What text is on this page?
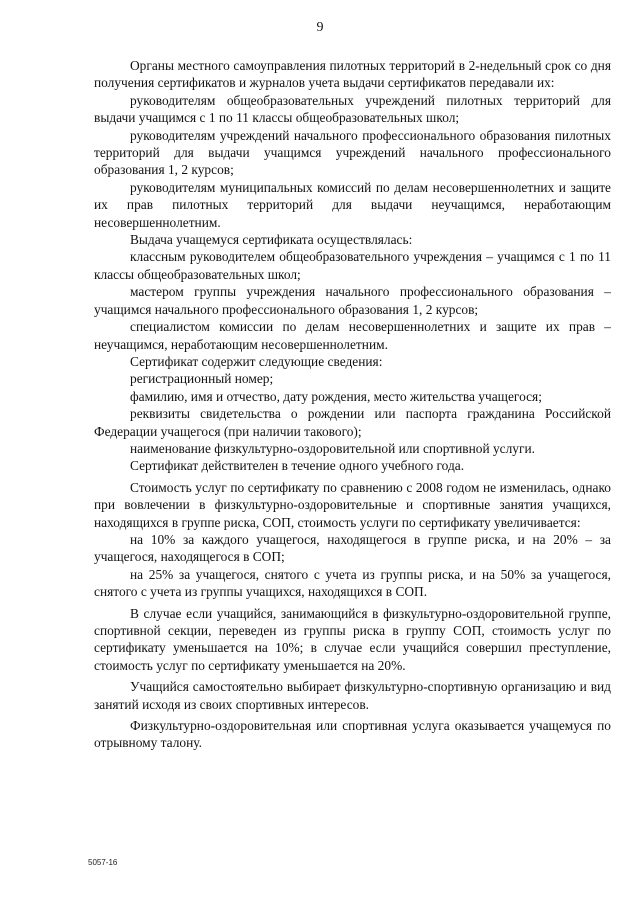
9

Органы местного самоуправления пилотных территорий в 2-недельный срок со дня получения сертификатов и журналов учета выдачи сертификатов передавали их:

руководителям общеобразовательных учреждений пилотных территорий для выдачи учащимся с 1 по 11 классы общеобразовательных школ;

руководителям учреждений начального профессионального образования пилотных территорий для выдачи учащимся учреждений начального профессионального образования 1, 2 курсов;

руководителям муниципальных комиссий по делам несовершеннолетних и защите их прав пилотных территорий для выдачи неучащимся, неработающим несовершеннолетним.

Выдача учащемуся сертификата осуществлялась:

классным руководителем общеобразовательного учреждения – учащимся с 1 по 11 классы общеобразовательных школ;

мастером группы учреждения начального профессионального образования – учащимся начального профессионального образования 1, 2 курсов;

специалистом комиссии по делам несовершеннолетних и защите их прав – неучащимся, неработающим несовершеннолетним.

Сертификат содержит следующие сведения:

регистрационный номер;

фамилию, имя и отчество, дату рождения, место жительства учащегося;

реквизиты свидетельства о рождении или паспорта гражданина Российской Федерации учащегося (при наличии такового);

наименование физкультурно-оздоровительной или спортивной услуги.

Сертификат действителен в течение одного учебного года.

Стоимость услуг по сертификату по сравнению с 2008 годом не изменилась, однако при вовлечении в физкультурно-оздоровительные и спортивные занятия учащихся, находящихся в группе риска, СОП, стоимость услуги по сертификату увеличивается:

на 10% за каждого учащегося, находящегося в группе риска, и на 20% – за учащегося, находящегося в СОП;

на 25% за учащегося, снятого с учета из группы риска, и на 50% за учащегося, снятого с учета из группы учащихся, находящихся в СОП.

В случае если учащийся, занимающийся в физкультурно-оздоровительной группе, спортивной секции, переведен из группы риска в группу СОП, стоимость услуг по сертификату уменьшается на 10%; в случае если учащийся совершил преступление, стоимость услуг по сертификату уменьшается на 20%.

Учащийся самостоятельно выбирает физкультурно-спортивную организацию и вид занятий исходя из своих спортивных интересов.

Физкультурно-оздоровительная или спортивная услуга оказывается учащемуся по отрывному талону.

5057-16
